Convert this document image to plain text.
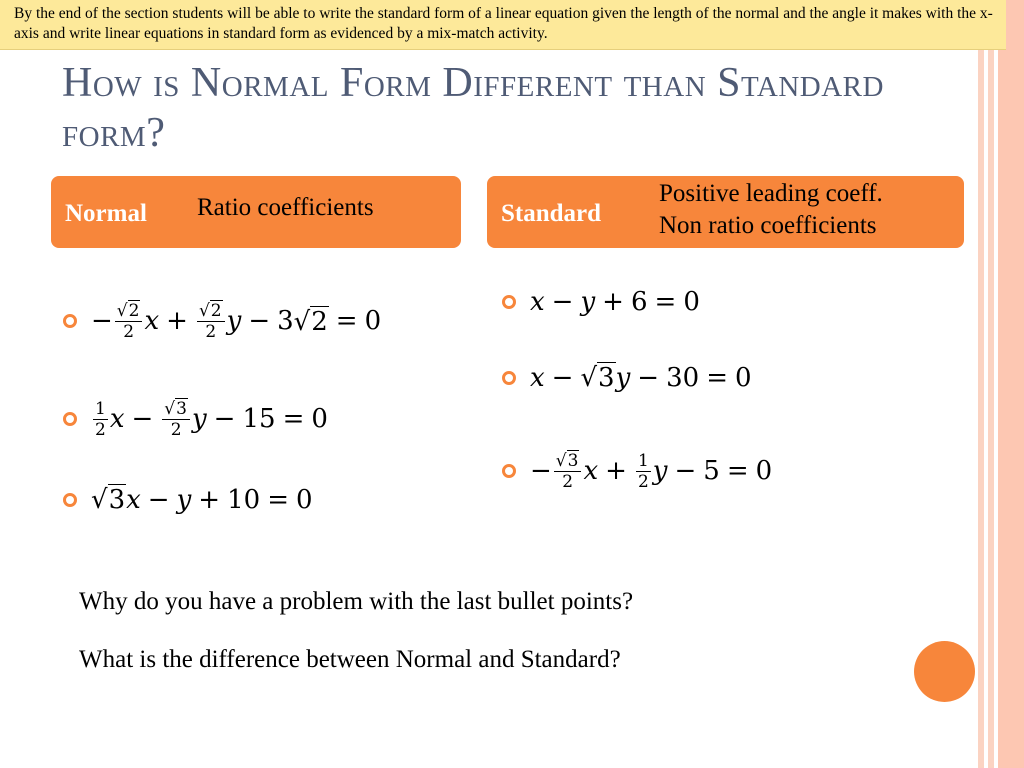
By the end of the section students will be able to write the standard form of a linear equation given the length of the normal and the angle it makes with the x-axis and write linear equations in standard form as evidenced by a mix-match activity.
How is Normal Form Different than Standard form?
Normal Ratio coefficients	Standard
Positive leading coeff.
Non ratio coefficients
− $\frac{√ 2}{2}$ $x + \frac{√ 2}{2}$ y − 3 √ 2 = 0
$\frac{1}{2}$ $x - \frac{√ 3}{2}$ y − 15 = 0
√ 3 x − y + 10 = 0
x − y + 6 = 0
x − √ 3 y − 30 = 0
− $\frac{√ 3}{2}$ $x + \frac{1}{2}$ y − 5 = 0
Why do you have a problem with the last bullet points?
What is the difference between Normal and Standard?
